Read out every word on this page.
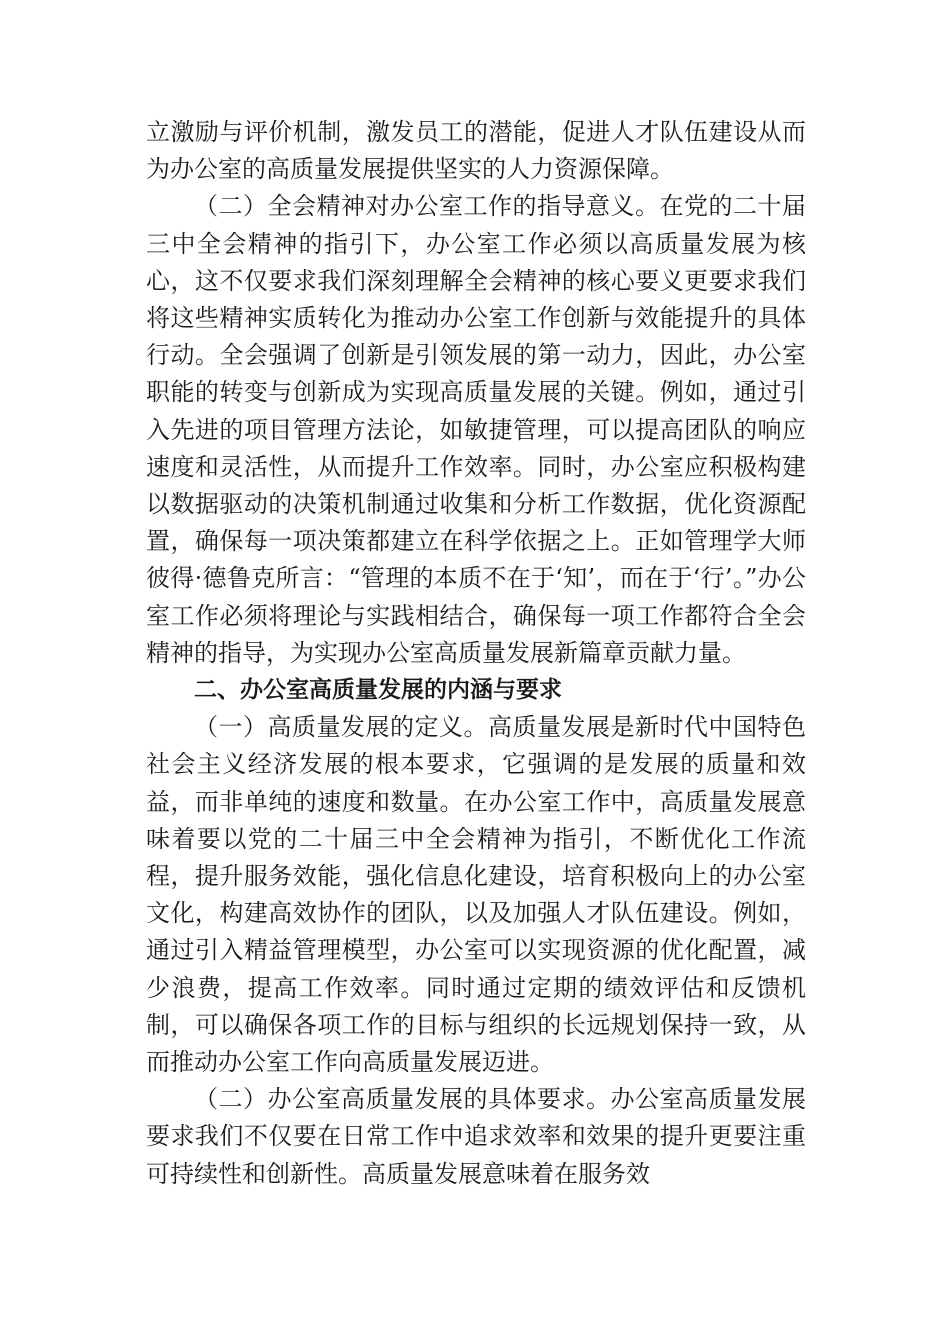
立激励与评价机制，激发员工的潜能，促进人才队伍建设从而为办公室的高质量发展提供坚实的人力资源保障。

（二）全会精神对办公室工作的指导意义。在党的二十届三中全会精神的指引下，办公室工作必须以高质量发展为核心，这不仅要求我们深刻理解全会精神的核心要义更要求我们将这些精神实质转化为推动办公室工作创新与效能提升的具体行动。全会强调了创新是引领发展的第一动力，因此，办公室职能的转变与创新成为实现高质量发展的关键。例如，通过引入先进的项目管理方法论，如敏捷管理，可以提高团队的响应速度和灵活性，从而提升工作效率。同时，办公室应积极构建以数据驱动的决策机制通过收集和分析工作数据，优化资源配置，确保每一项决策都建立在科学依据之上。正如管理学大师彼得·德鲁克所言：“管理的本质不在于‘知’，而在于‘行’。”办公室工作必须将理论与实践相结合，确保每一项工作都符合全会精神的指导，为实现办公室高质量发展新篇章贡献力量。

二、办公室高质量发展的内涵与要求

（一）高质量发展的定义。高质量发展是新时代中国特色社会主义经济发展的根本要求，它强调的是发展的质量和效益，而非单纯的速度和数量。在办公室工作中，高质量发展意味着要以党的二十届三中全会精神为指引，不断优化工作流程，提升服务效能，强化信息化建设，培育积极向上的办公室文化，构建高效协作的团队，以及加强人才队伍建设。例如，通过引入精益管理模型，办公室可以实现资源的优化配置，减少浪费，提高工作效率。同时通过定期的绩效评估和反馈机制，可以确保各项工作的目标与组织的长远规划保持一致，从而推动办公室工作向高质量发展迈进。

（二）办公室高质量发展的具体要求。办公室高质量发展要求我们不仅要在日常工作中追求效率和效果的提升更要注重可持续性和创新性。高质量发展意味着在服务效
